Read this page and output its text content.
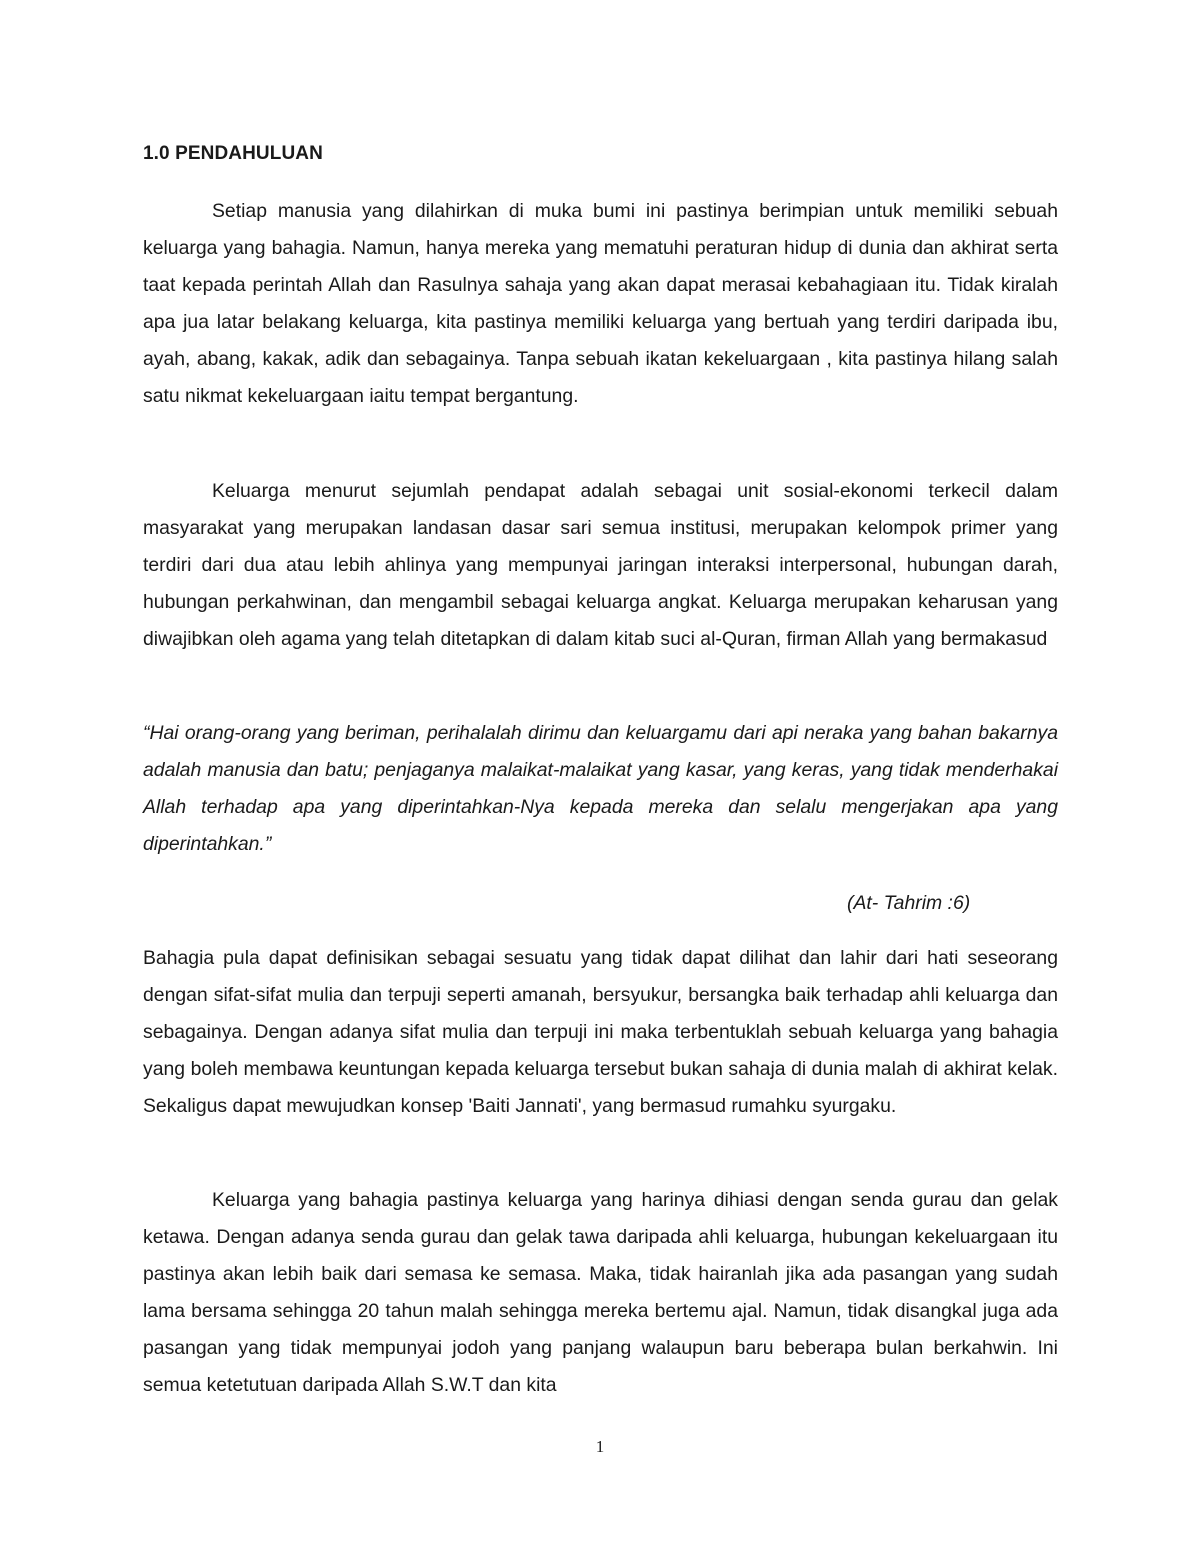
1.0 PENDAHULUAN

Setiap manusia yang dilahirkan di muka bumi ini pastinya berimpian untuk memiliki sebuah keluarga yang bahagia. Namun, hanya mereka yang mematuhi peraturan hidup di dunia dan akhirat serta taat kepada perintah Allah dan Rasulnya sahaja yang akan dapat merasai kebahagiaan itu. Tidak kiralah apa jua latar belakang keluarga, kita pastinya memiliki keluarga yang bertuah yang terdiri daripada ibu, ayah, abang, kakak, adik dan sebagainya. Tanpa sebuah ikatan kekeluargaan , kita pastinya hilang salah satu nikmat kekeluargaan iaitu tempat bergantung.

Keluarga menurut sejumlah pendapat adalah sebagai unit sosial-ekonomi terkecil dalam masyarakat yang merupakan landasan dasar sari semua institusi, merupakan kelompok primer yang terdiri dari dua atau lebih ahlinya yang mempunyai jaringan interaksi interpersonal, hubungan darah, hubungan perkahwinan, dan mengambil sebagai keluarga angkat. Keluarga merupakan keharusan yang diwajibkan oleh agama yang telah ditetapkan di dalam kitab suci al-Quran, firman Allah yang bermakasud

“Hai orang-orang yang beriman, perihalalah dirimu dan keluargamu dari api neraka yang bahan bakarnya adalah manusia dan batu; penjaganya malaikat-malaikat yang kasar, yang keras, yang tidak menderhakai Allah terhadap apa yang diperintahkan-Nya kepada mereka dan selalu mengerjakan apa yang diperintahkan.”

(At- Tahrim :6)

Bahagia pula dapat definisikan sebagai sesuatu yang tidak dapat dilihat dan lahir dari hati seseorang dengan sifat-sifat mulia dan terpuji seperti amanah, bersyukur, bersangka baik terhadap ahli keluarga dan sebagainya. Dengan adanya sifat mulia dan terpuji ini maka terbentuklah sebuah keluarga yang bahagia yang boleh membawa keuntungan kepada keluarga tersebut bukan sahaja di dunia malah di akhirat kelak. Sekaligus dapat mewujudkan konsep 'Baiti Jannati', yang bermasud rumahku syurgaku.

Keluarga yang bahagia pastinya keluarga yang harinya dihiasi dengan senda gurau dan gelak ketawa. Dengan adanya senda gurau dan gelak tawa daripada ahli keluarga, hubungan kekeluargaan itu pastinya akan lebih baik dari semasa ke semasa. Maka, tidak hairanlah jika ada pasangan yang sudah lama bersama sehingga 20 tahun malah sehingga mereka bertemu ajal. Namun, tidak disangkal juga ada pasangan yang tidak mempunyai jodoh yang panjang walaupun baru beberapa bulan berkahwin. Ini semua ketetutuan daripada Allah S.W.T dan kita

1
